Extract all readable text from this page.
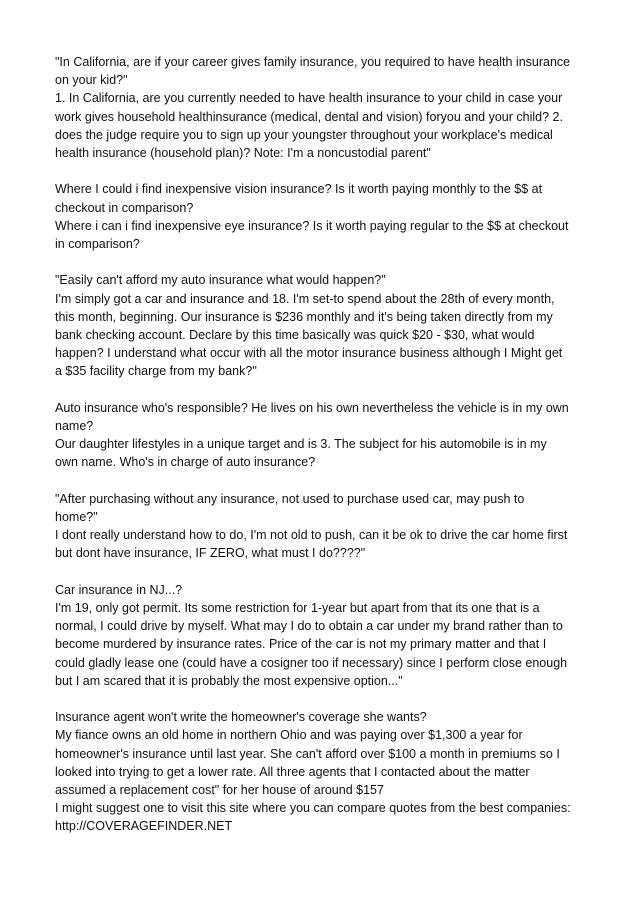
"In California, are if your career gives family insurance, you required to have health insurance
on your kid?"
1. In California, are you currently needed to have health insurance to your child in case your
work gives household healthinsurance (medical, dental and vision) foryou and your child? 2.
does the judge require you to sign up your youngster throughout your workplace's medical
health insurance (household plan)? Note: I'm a noncustodial parent"
Where I could i find inexpensive vision insurance? Is it worth paying monthly to the $$ at
checkout in comparison?
Where i can i find inexpensive eye insurance? Is it worth paying regular to the $$ at checkout
in comparison?
"Easily can't afford my auto insurance what would happen?"
I'm simply got a car and insurance and 18. I'm set-to spend about the 28th of every month,
this month, beginning. Our insurance is $236 monthly and it's being taken directly from my
bank checking account. Declare by this time basically was quick $20 - $30, what would
happen? I understand what occur with all the motor insurance business although I Might get
a $35 facility charge from my bank?"
Auto insurance who's responsible? He lives on his own nevertheless the vehicle is in my own
name?
Our daughter lifestyles in a unique target and is 3. The subject for his automobile is in my
own name. Who's in charge of auto insurance?
"After purchasing without any insurance, not used to purchase used car, may push to
home?"
I dont really understand how to do, I'm not old to push, can it be ok to drive the car home first
but dont have insurance, IF ZERO, what must I do????"
Car insurance in NJ...?
I'm 19, only got permit. Its some restriction for 1-year but apart from that its one that is a
normal, I could drive by myself. What may I do to obtain a car under my brand rather than to
become murdered by insurance rates. Price of the car is not my primary matter and that I
could gladly lease one (could have a cosigner too if necessary) since I perform close enough
but I am scared that it is probably the most expensive option..."
Insurance agent won't write the homeowner's coverage she wants?
My fiance owns an old home in northern Ohio and was paying over $1,300 a year for
homeowner's insurance until last year. She can't afford over $100 a month in premiums so I
looked into trying to get a lower rate. All three agents that I contacted about the matter
assumed a replacement cost" for her house of around $157
I might suggest one to visit this site where you can compare quotes from the best companies:
http://COVERAGEFINDER.NET
